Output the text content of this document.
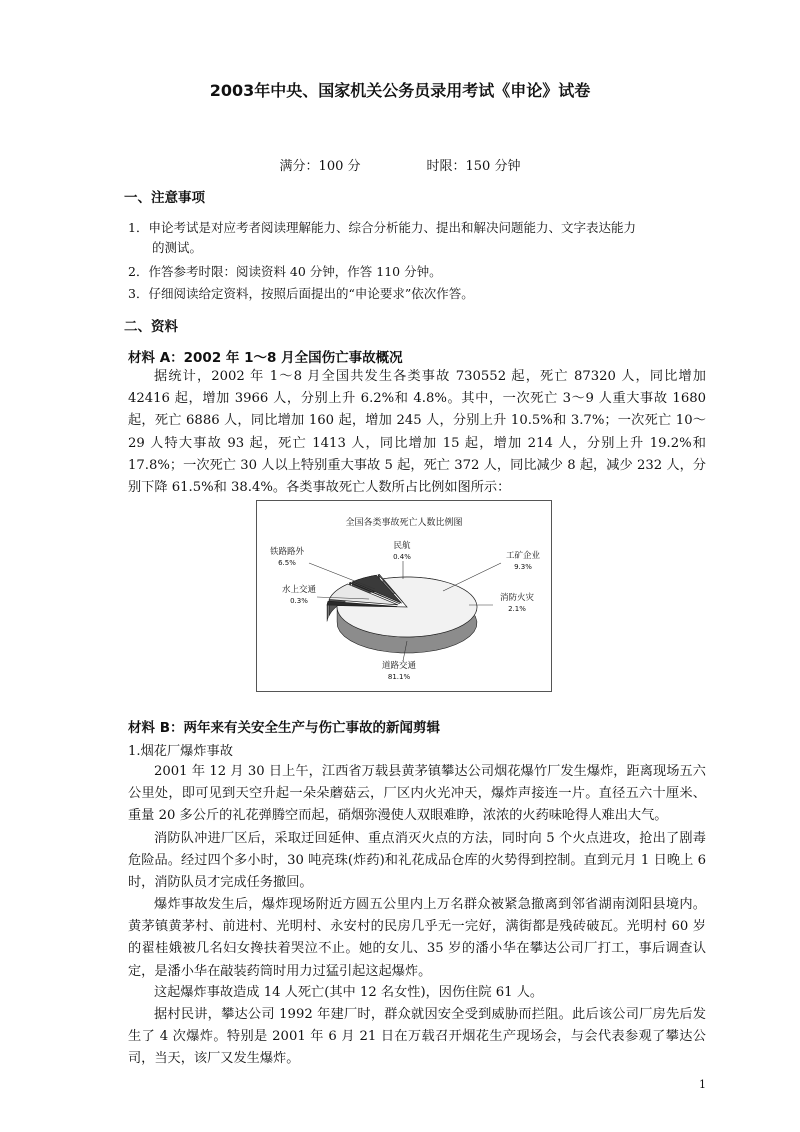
2003年中央、国家机关公务员录用考试《申论》试卷
满分：100 分	时限：150 分钟
一、注意事项
1．申论考试是对应考者阅读理解能力、综合分析能力、提出和解决问题能力、文字表达能力
的测试。
2．作答参考时限：阅读资料 40 分钟，作答 110 分钟。
3．仔细阅读给定资料，按照后面提出的“申论要求”依次作答。
二、资料
材料 A：2002 年 1～8 月全国伤亡事故概况
据统计，2002 年 1～8 月全国共发生各类事故 730552 起，死亡 87320 人，同比增加 42416 起，增加 3966 人，分别上升 6.2%和 4.8%。其中，一次死亡 3～9 人重大事故 1680 起，死亡 6886 人，同比增加 160 起，增加 245 人，分别上升 10.5%和 3.7%；一次死亡 10～29 人特大事故 93 起，死亡 1413 人，同比增加 15 起，增加 214 人，分别上升 19.2%和 17.8%；一次死亡 30 人以上特别重大事故 5 起，死亡 372 人，同比减少 8 起，减少 232 人，分别下降 61.5%和 38.4%。各类事故死亡人数所占比例如图所示：
全国各类事故死亡人数比例图
铁路路外
6.5%
民航
0.4%	工矿企业
9.3%
水上交通
0.3%	消防火灾
2.1%
道路交通
81.1%
材料 B：两年来有关安全生产与伤亡事故的新闻剪辑
1.烟花厂爆炸事故
2001 年 12 月 30 日上午，江西省万载县黄茅镇攀达公司烟花爆竹厂发生爆炸，距离现场五六公里处，即可见到天空升起一朵朵蘑菇云，厂区内火光冲天，爆炸声接连一片。直径五六十厘米、重量 20 多公斤的礼花弹腾空而起，硝烟弥漫使人双眼难睁，浓浓的火药味呛得人难出大气。
消防队冲进厂区后，采取迂回延伸、重点消灭火点的方法，同时向 5 个火点进攻，抢出了剧毒危险品。经过四个多小时，30 吨亮珠(炸药)和礼花成品仓库的火势得到控制。直到元月 1 日晚上 6 时，消防队员才完成任务撤回。
爆炸事故发生后，爆炸现场附近方圆五公里内上万名群众被紧急撤离到邻省湖南浏阳县境内。黄茅镇黄茅村、前进村、光明村、永安村的民房几乎无一完好，满街都是残砖破瓦。光明村 60 岁的翟桂娥被几名妇女搀扶着哭泣不止。她的女儿、35 岁的潘小华在攀达公司厂打工，事后调查认定，是潘小华在敲装药筒时用力过猛引起这起爆炸。
这起爆炸事故造成 14 人死亡(其中 12 名女性)，因伤住院 61 人。
据村民讲，攀达公司 1992 年建厂时，群众就因安全受到威胁而拦阻。此后该公司厂房先后发生了 4 次爆炸。特别是 2001 年 6 月 21 日在万载召开烟花生产现场会，与会代表参观了攀达公司，当天，该厂又发生爆炸。
1
